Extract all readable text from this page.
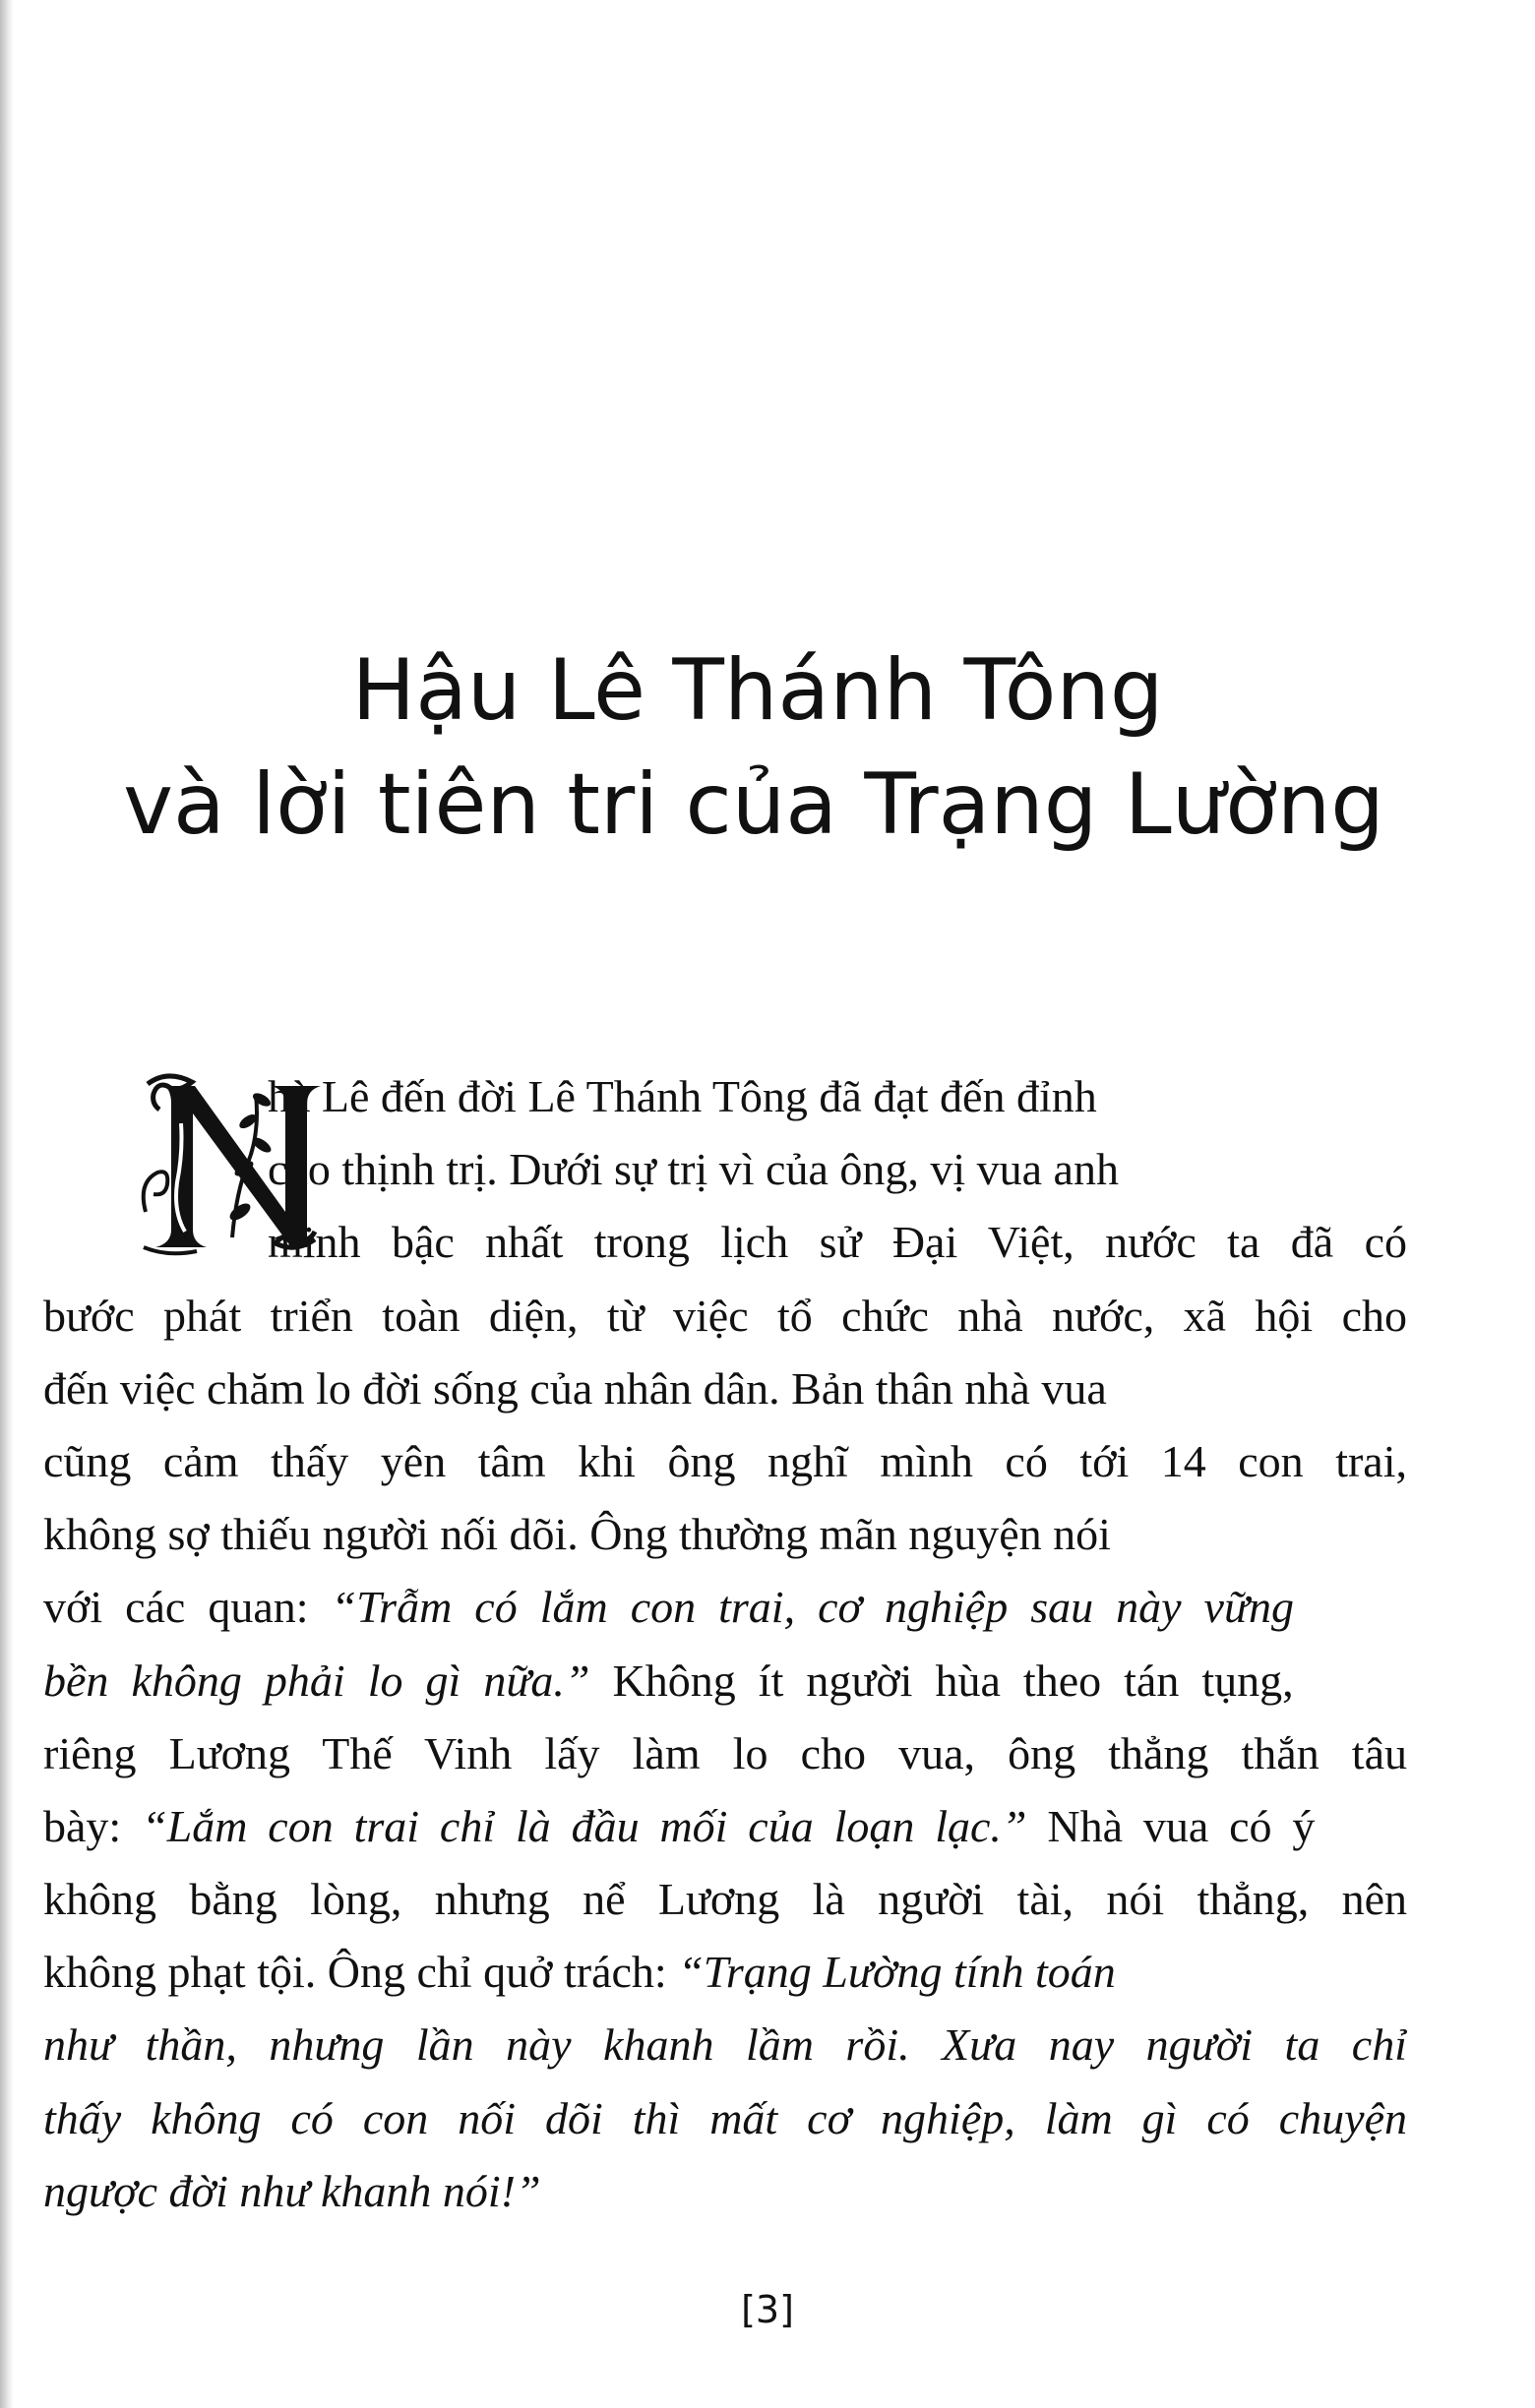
Hậu Lê Thánh Tông
và lời tiên tri của Trạng Lường
hà Lê đến đời Lê Thánh Tông đã đạt đến đỉnh
cao thịnh trị. Dưới sự trị vì của ông, vị vua anh
minh bậc nhất trong lịch sử Đại Việt, nước ta đã có
bước phát triển toàn diện, từ việc tổ chức nhà nước, xã hội cho
đến việc chăm lo đời sống của nhân dân. Bản thân nhà vua
cũng cảm thấy yên tâm khi ông nghĩ mình có tới 14 con trai,
không sợ thiếu người nối dõi. Ông thường mãn nguyện nói
với các quan: “Trẫm có lắm con trai, cơ nghiệp sau này vững
bền không phải lo gì nữa.” Không ít người hùa theo tán tụng,
riêng Lương Thế Vinh lấy làm lo cho vua, ông thẳng thắn tâu
bày: “Lắm con trai chỉ là đầu mối của loạn lạc.” Nhà vua có ý
không bằng lòng, nhưng nể Lương là người tài, nói thẳng, nên
không phạt tội. Ông chỉ quở trách: “Trạng Lường tính toán
như thần, nhưng lần này khanh lầm rồi. Xưa nay người ta chỉ
thấy không có con nối dõi thì mất cơ nghiệp, làm gì có chuyện
ngược đời như khanh nói!”
[3]
